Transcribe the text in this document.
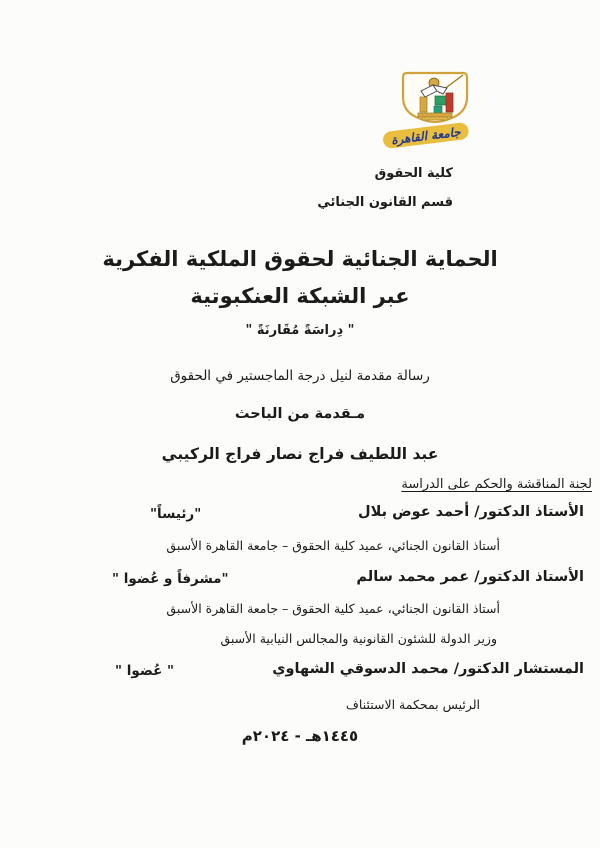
جامعة القاهرة
كلية الحقوق
قسم القانون الجنائي
الحماية الجنائية لحقوق الملكية الفكرية
عبر الشبكة العنكبوتية
" دِراسَةً مُقَارنَةً "
رسالة مقدمة لنيل درجة الماجستير في الحقوق
مـقدمة من الباحث
عبد اللطيف فراج نصار فراج الركيبي
لجنة المناقشة والحكم على الدراسة
الأستاذ الدكتور/ أحمد عوض بلال
"رئيساً"
أستاذ القانون الجنائي، عميد كلية الحقوق – جامعة القاهرة الأسبق
الأستاذ الدكتور/ عمر محمد سالم
"مشرفاً و عُضوا "
أستاذ القانون الجنائي، عميد كلية الحقوق – جامعة القاهرة الأسبق
وزير الدولة للشئون القانونية والمجالس النيابية الأسبق
المستشار الدكتور/ محمد الدسوقي الشهاوي
" عُضوا "
الرئيس بمحكمة الاستئناف
١٤٤٥هـ - ٢٠٢٤م
